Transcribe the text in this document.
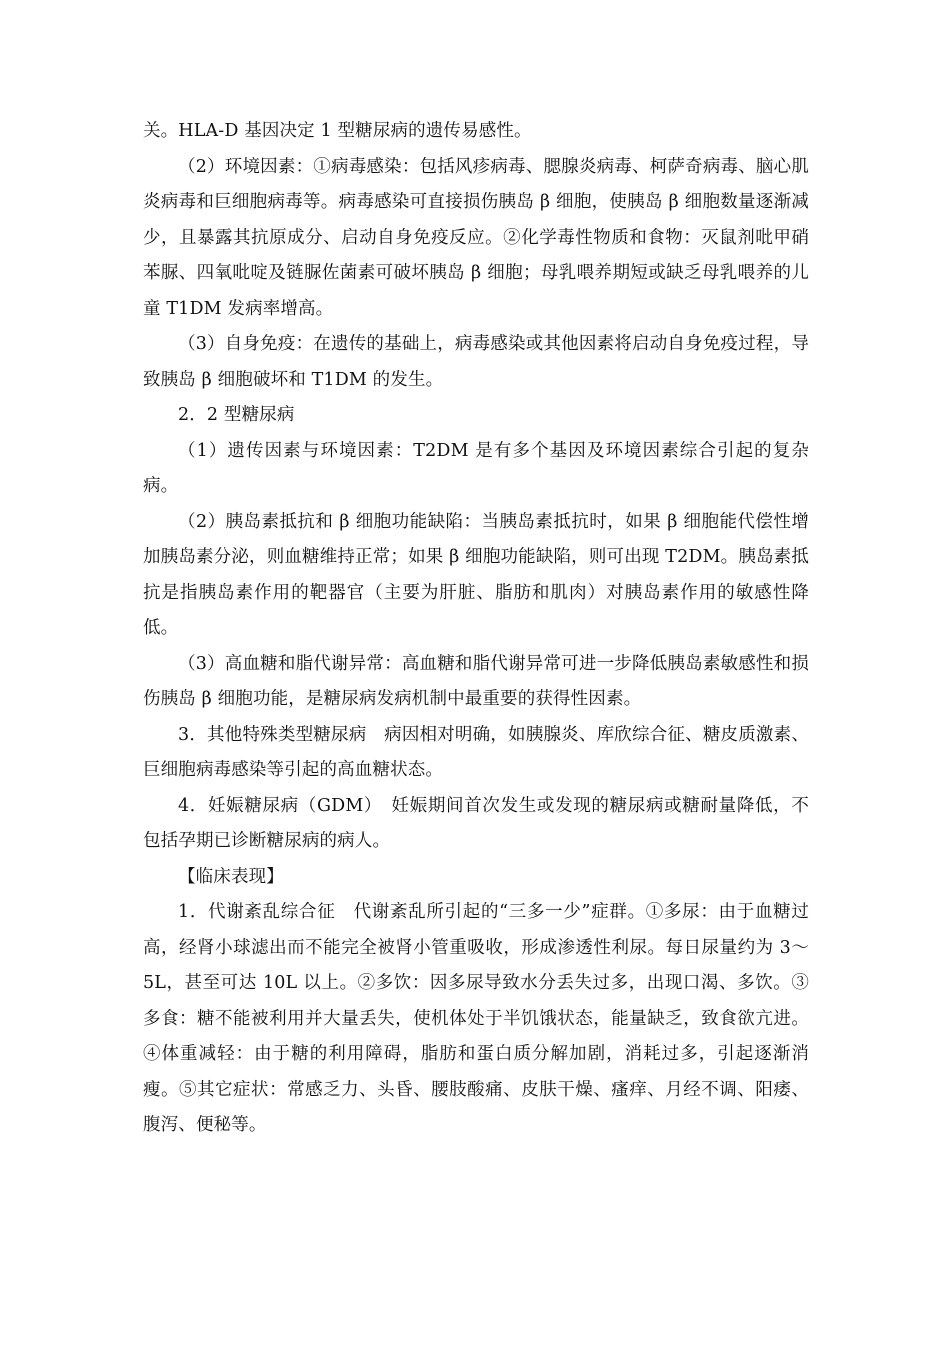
关。HLA-D 基因决定 1 型糖尿病的遗传易感性。

（2）环境因素：①病毒感染：包括风疹病毒、腮腺炎病毒、柯萨奇病毒、脑心肌炎病毒和巨细胞病毒等。病毒感染可直接损伤胰岛 β 细胞，使胰岛 β 细胞数量逐渐减少，且暴露其抗原成分、启动自身免疫反应。②化学毒性物质和食物：灭鼠剂吡甲硝苯脲、四氧吡啶及链脲佐菌素可破坏胰岛 β 细胞；母乳喂养期短或缺乏母乳喂养的儿童 T1DM 发病率增高。

（3）自身免疫：在遗传的基础上，病毒感染或其他因素将启动自身免疫过程，导致胰岛 β 细胞破坏和 T1DM 的发生。

2．2 型糖尿病

（1）遗传因素与环境因素：T2DM 是有多个基因及环境因素综合引起的复杂病。

（2）胰岛素抵抗和 β 细胞功能缺陷：当胰岛素抵抗时，如果 β 细胞能代偿性增加胰岛素分泌，则血糖维持正常；如果 β 细胞功能缺陷，则可出现 T2DM。胰岛素抵抗是指胰岛素作用的靶器官（主要为肝脏、脂肪和肌肉）对胰岛素作用的敏感性降低。

（3）高血糖和脂代谢异常：高血糖和脂代谢异常可进一步降低胰岛素敏感性和损伤胰岛 β 细胞功能，是糖尿病发病机制中最重要的获得性因素。

3．其他特殊类型糖尿病　病因相对明确，如胰腺炎、库欣综合征、糖皮质激素、巨细胞病毒感染等引起的高血糖状态。

4．妊娠糖尿病（GDM）　妊娠期间首次发生或发现的糖尿病或糖耐量降低，不包括孕期已诊断糖尿病的病人。

【临床表现】

1．代谢紊乱综合征　代谢紊乱所引起的“三多一少”症群。①多尿：由于血糖过高，经肾小球滤出而不能完全被肾小管重吸收，形成渗透性利尿。每日尿量约为 3～5L，甚至可达 10L 以上。②多饮：因多尿导致水分丢失过多，出现口渴、多饮。③多食：糖不能被利用并大量丢失，使机体处于半饥饿状态，能量缺乏，致食欲亢进。④体重减轻：由于糖的利用障碍，脂肪和蛋白质分解加剧，消耗过多，引起逐渐消瘦。⑤其它症状：常感乏力、头昏、腰肢酸痛、皮肤干燥、瘙痒、月经不调、阳痿、腹泻、便秘等。
